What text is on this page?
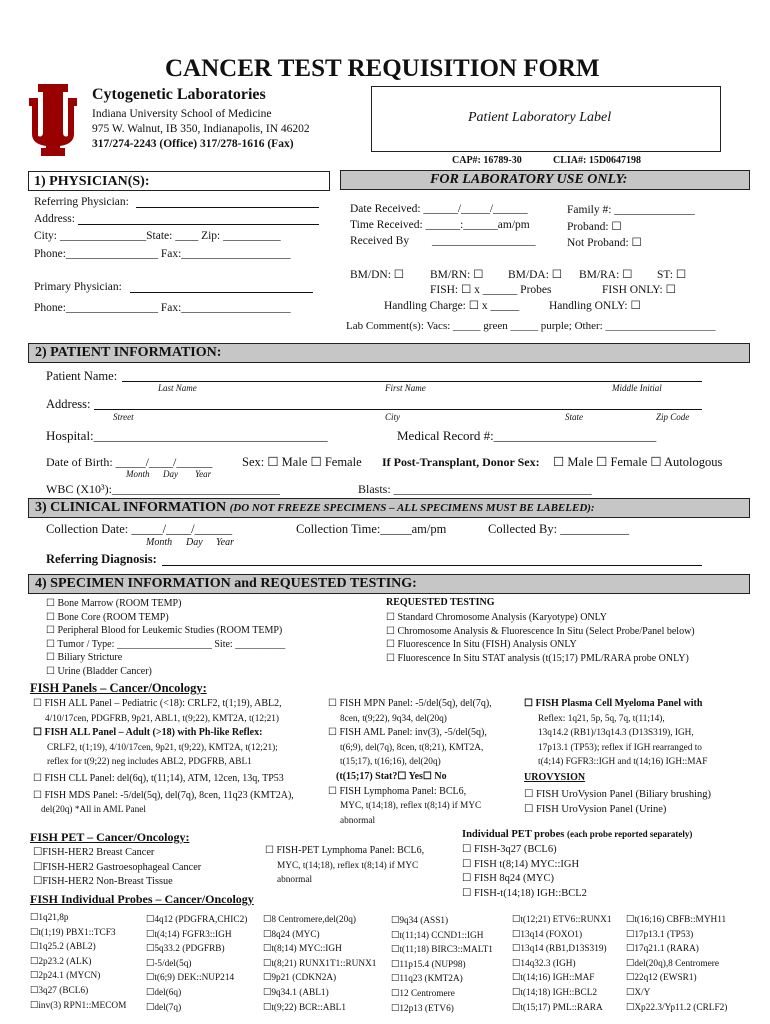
CANCER TEST REQUISITION FORM
Cytogenetic Laboratories
Indiana University School of Medicine
975 W. Walnut, IB 350, Indianapolis, IN 46202
317/274-2243 (Office) 317/278-1616 (Fax)
Patient Laboratory Label
CAP#: 16789-30	CLIA#: 15D0647198
1) PHYSICIAN(S):	FOR LABORATORY USE ONLY:
Referring Physician:
Address:
City: _______________State: ____ Zip: __________
Phone:________________ Fax:___________________
Primary Physician:
Phone:________________ Fax:___________________
Date Received: ______/_____/______
Time Received: ______:______am/pm
Received By __________________
Family #: ______________
Proband: ☐
Not Proband: ☐
BM/DN: ☐ BM/RN: ☐ BM/DA: ☐ BM/RA: ☐ ST: ☐
FISH: ☐ x ______ Probes	FISH ONLY: ☐
Handling Charge: ☐ x _____	Handling ONLY: ☐
Lab Comment(s): Vacs: _____ green _____ purple; Other: ____________________
2) PATIENT INFORMATION:
Patient Name:
Last Name	First Name	Middle Initial
Address:
Street	City	State	Zip Code
Hospital:____________________________________	Medical Record #:_________________________
Date of Birth: _____/____/______
Month Day Year
Sex: ☐ Male ☐ Female If Post-Transplant, Donor Sex: ☐ Male ☐ Female ☐ Autologous
WBC (X10³):____________________________	Blasts: _________________________________
3) CLINICAL INFORMATION (DO NOT FREEZE SPECIMENS – ALL SPECIMENS MUST BE LABELED):
Collection Date: _____/____/______
Month Day Year
Collection Time:_____am/pm	Collected By: ___________
Referring Diagnosis:
4) SPECIMEN INFORMATION and REQUESTED TESTING:
☐ Bone Marrow (ROOM TEMP)
☐ Bone Core (ROOM TEMP)
☐ Peripheral Blood for Leukemic Studies (ROOM TEMP)
☐ Tumor / Type: ___________________ Site: __________
☐ Biliary Stricture
☐ Urine (Bladder Cancer)
REQUESTED TESTING
☐ Standard Chromosome Analysis (Karyotype) ONLY
☐ Chromosome Analysis & Fluorescence In Situ (Select Probe/Panel below)
☐ Fluorescence In Situ (FISH) Analysis ONLY
☐ Fluorescence In Situ STAT analysis (t(15;17) PML/RARA probe ONLY)
FISH Panels – Cancer/Oncology:
☐ FISH ALL Panel – Pediatric (<18): CRLF2, t(1;19), ABL2,
4/10/17cen, PDGFRB, 9p21, ABL1, t(9;22), KMT2A, t(12;21)
☐ FISH ALL Panel – Adult (>18) with Ph-like Reflex:
CRLF2, t(1;19), 4/10/17cen, 9p21, t(9;22), KMT2A, t(12;21);
reflex for t(9;22) neg includes ABL2, PDGFRB, ABL1
☐ FISH CLL Panel: del(6q), t(11;14), ATM, 12cen, 13q, TP53
☐ FISH MDS Panel: -5/del(5q), del(7q), 8cen, 11q23 (KMT2A),
del(20q) *All in AML Panel
☐ FISH MPN Panel: -5/del(5q), del(7q),
8cen, t(9;22), 9q34, del(20q)
☐ FISH AML Panel: inv(3), -5/del(5q),
t(6;9), del(7q), 8cen, t(8;21), KMT2A,
t(15;17), t(16;16), del(20q)
(t(15;17) Stat?☐ Yes☐ No
☐ FISH Lymphoma Panel: BCL6,
MYC, t(14;18), reflex t(8;14) if MYC
abnormal
☐ FISH Plasma Cell Myeloma Panel with
Reflex: 1q21, 5p, 5q, 7q, t(11;14),
13q14.2 (RB1)/13q14.3 (D13S319), IGH,
17p13.1 (TP53); reflex if IGH rearranged to
t(4;14) FGFR3::IGH and t(14;16) IGH::MAF
UROVYSION
☐ FISH UroVysion Panel (Biliary brushing)
☐ FISH UroVysion Panel (Urine)
FISH PET – Cancer/Oncology:
☐FISH-HER2 Breast Cancer
☐FISH-HER2 Gastroesophageal Cancer
☐FISH-HER2 Non-Breast Tissue
☐ FISH-PET Lymphoma Panel: BCL6,
MYC, t(14;18), reflex t(8;14) if MYC
abnormal
Individual PET probes (each probe reported separately)
☐ FISH-3q27 (BCL6)
☐ FISH t(8;14) MYC::IGH
☐ FISH 8q24 (MYC)
☐ FISH-t(14;18) IGH::BCL2
FISH Individual Probes – Cancer/Oncology
☐1q21,8p
☐t(1;19) PBX1::TCF3
☐1q25.2 (ABL2)
☐2p23.2 (ALK)
☐2p24.1 (MYCN)
☐3q27 (BCL6)
☐inv(3) RPN1::MECOM
☐4q12 (PDGFRA,CHIC2)
☐t(4;14) FGFR3::IGH
☐5q33.2 (PDGFRB)
☐-5/del(5q)
☐t(6;9) DEK::NUP214
☐del(6q)
☐del(7q)
☐8 Centromere,del(20q)
☐8q24 (MYC)
☐t(8;14) MYC::IGH
☐t(8;21) RUNX1T1::RUNX1
☐9p21 (CDKN2A)
☐9q34.1 (ABL1)
☐t(9;22) BCR::ABL1
☐9q34 (ASS1)
☐t(11;14) CCND1::IGH
☐t(11;18) BIRC3::MALT1
☐11p15.4 (NUP98)
☐11q23 (KMT2A)
☐12 Centromere
☐12p13 (ETV6)
☐t(12;21) ETV6::RUNX1
☐13q14 (FOXO1)
☐13q14 (RB1,D13S319)
☐14q32.3 (IGH)
☐t(14;16) IGH::MAF
☐t(14;18) IGH::BCL2
☐t(15;17) PML::RARA
☐t(16;16) CBFB::MYH11
☐17p13.1 (TP53)
☐17q21.1 (RARA)
☐del(20q),8 Centromere
☐22q12 (EWSR1)
☐X/Y
☐Xp22.3/Yp11.2 (CRLF2)
